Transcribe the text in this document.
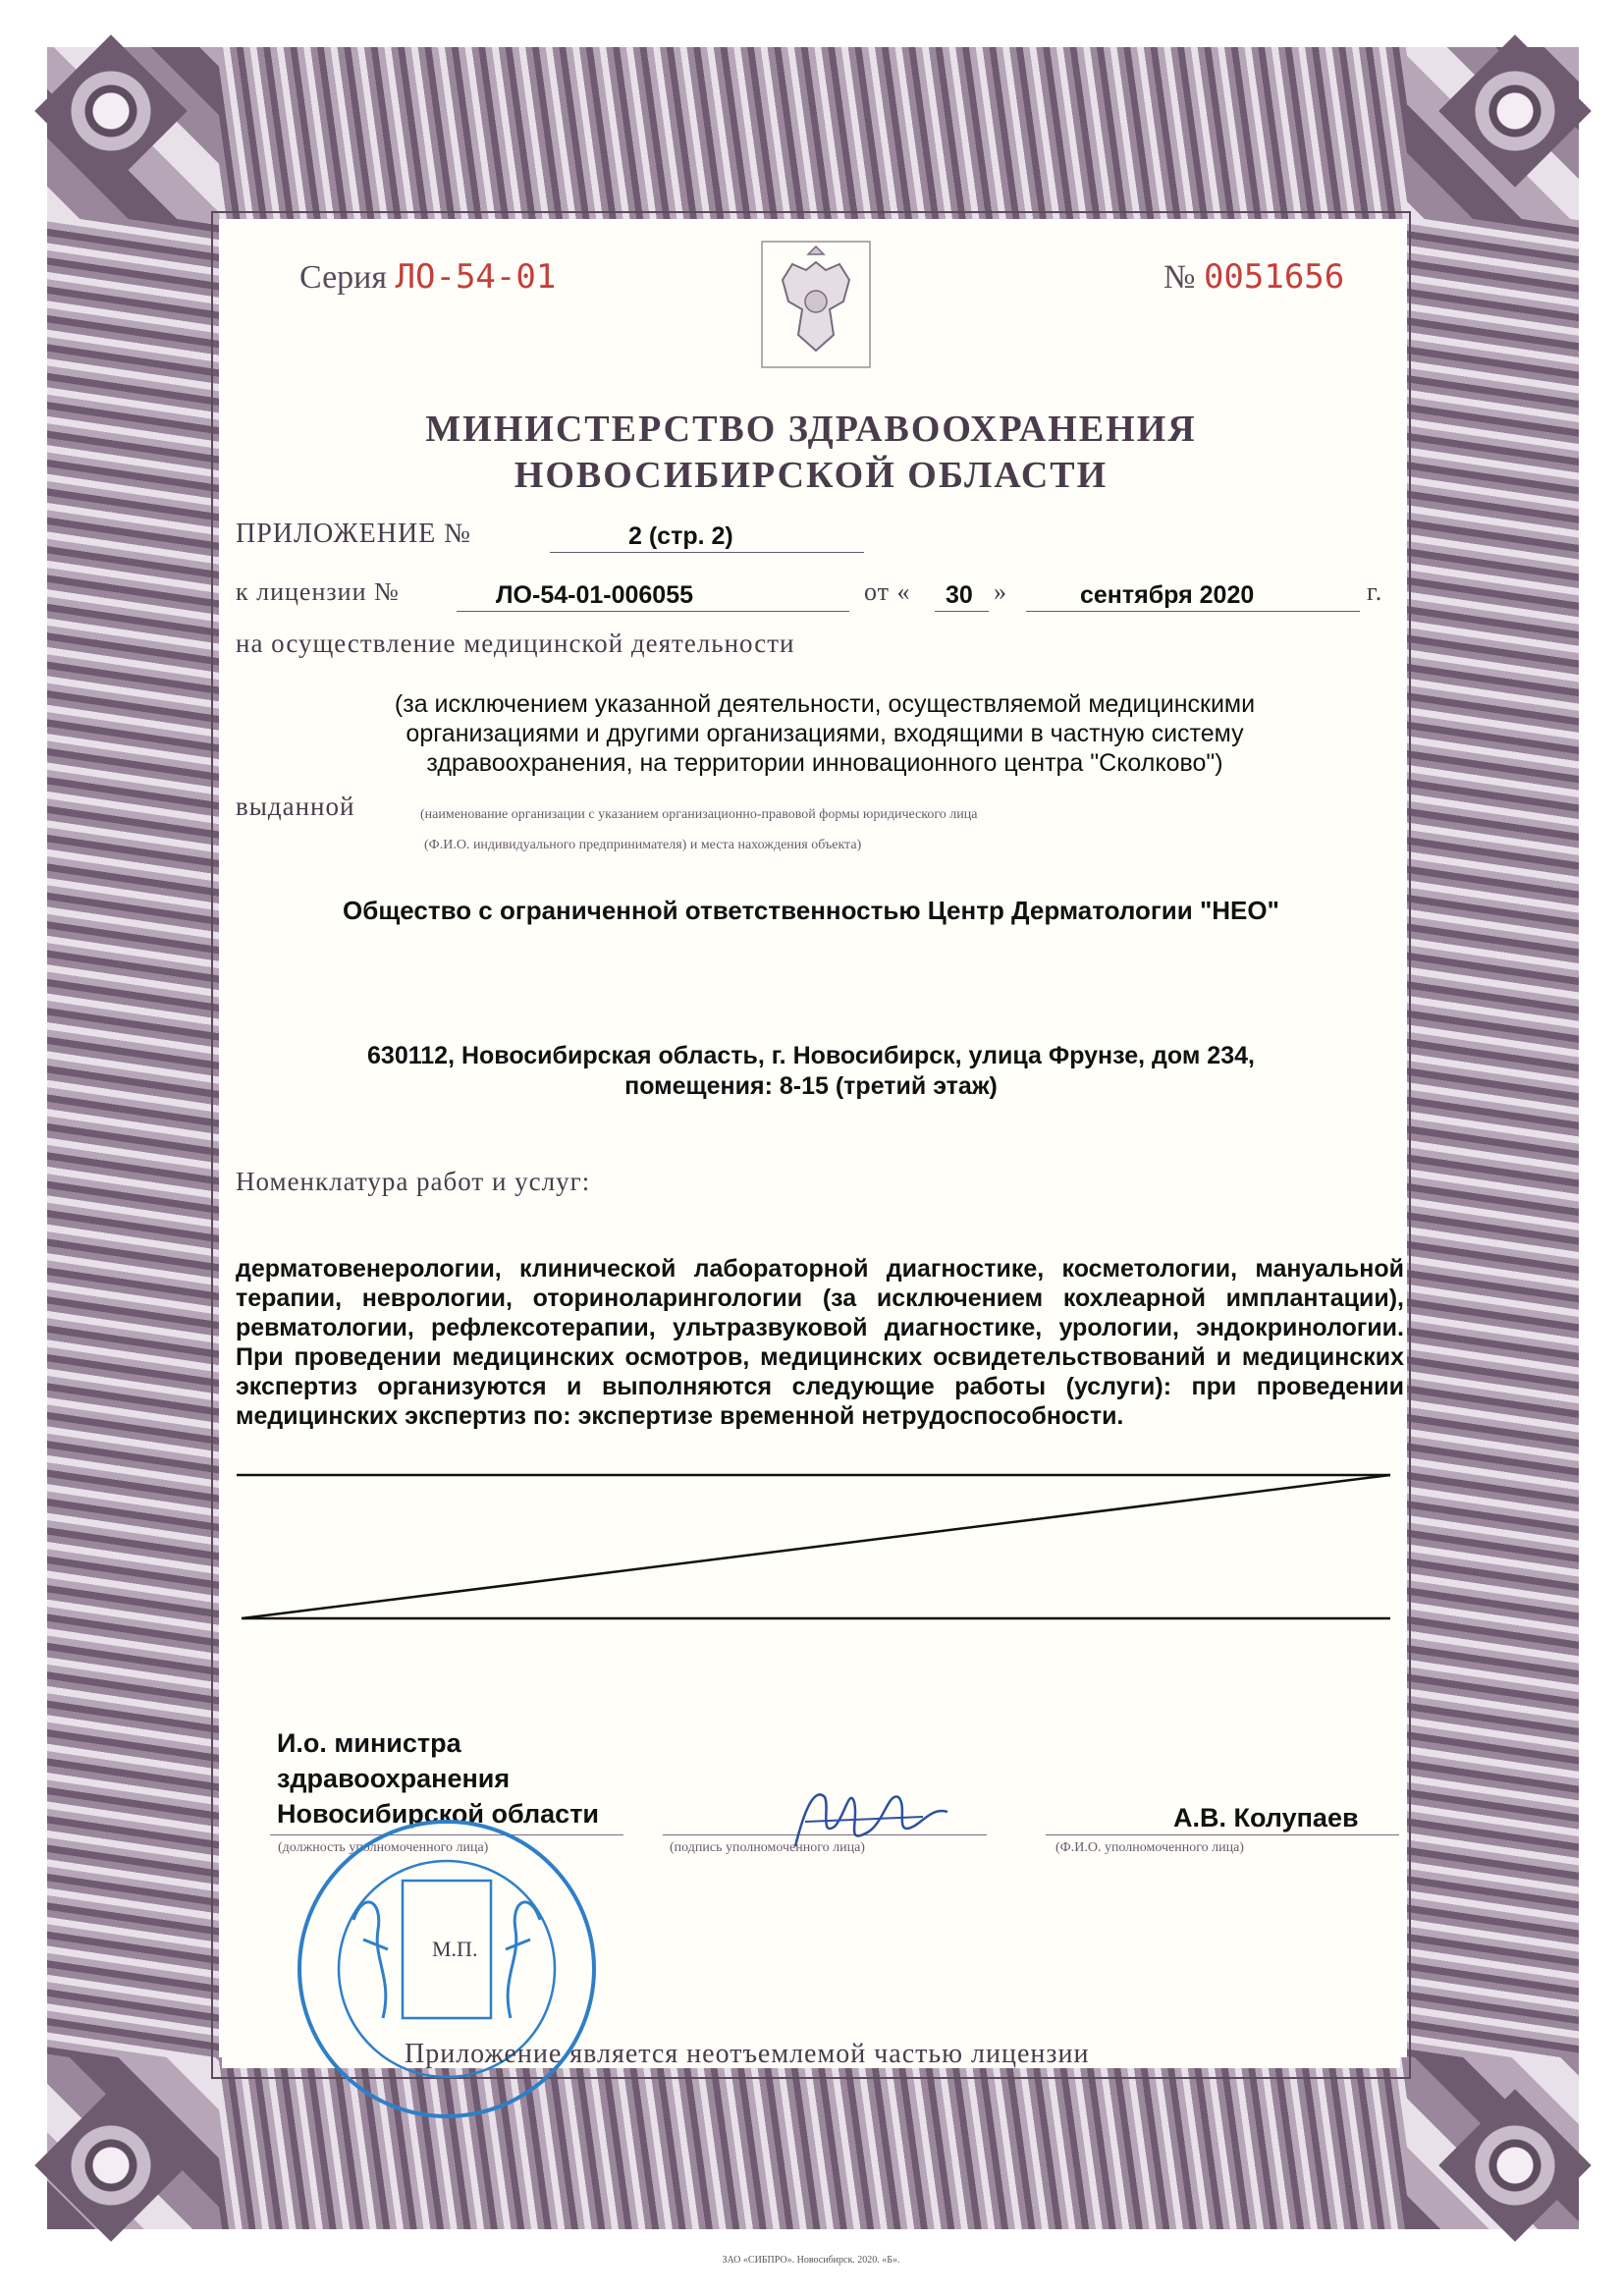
Серия ЛО-54-01	№ 0051656
МИНИСТЕРСТВО ЗДРАВООХРАНЕНИЯ
НОВОСИБИРСКОЙ ОБЛАСТИ
ПРИЛОЖЕНИЕ №	2 (стр. 2)
к лицензии №	ЛО-54-01-006055	от « 30 »	сентября 2020	г.
на осуществление медицинской деятельности
(за исключением указанной деятельности, осуществляемой медицинскими организациями и другими организациями, входящими в частную систему здравоохранения, на территории инновационного центра "Сколково")
выданной	(наименование организации с указанием организационно-правовой формы юридического лица
(Ф.И.О. индивидуального предпринимателя) и места нахождения объекта)
Общество с ограниченной ответственностью Центр Дерматологии "НЕО"
630112, Новосибирская область, г. Новосибирск, улица Фрунзе, дом 234,
помещения: 8-15 (третий этаж)
Номенклатура работ и услуг:
дерматовенерологии, клинической лабораторной диагностике, косметологии, мануальной терапии, неврологии, оториноларингологии (за исключением кохлеарной имплантации), ревматологии, рефлексотерапии, ультразвуковой диагностике, урологии, эндокринологии. При проведении медицинских осмотров, медицинских освидетельствований и медицинских экспертиз организуются и выполняются следующие работы (услуги): при проведении медицинских экспертиз по: экспертизе временной нетрудоспособности.
И.о. министра
здравоохранения
Новосибирской области	А.В. Колупаев
(должность уполномоченного лица)	(подпись уполномоченного лица)	(Ф.И.О. уполномоченного лица)
М.П.
Приложение является неотъемлемой частью лицензии
ЗАО «СИБПРО». Новосибирск. 2020. «Б».
